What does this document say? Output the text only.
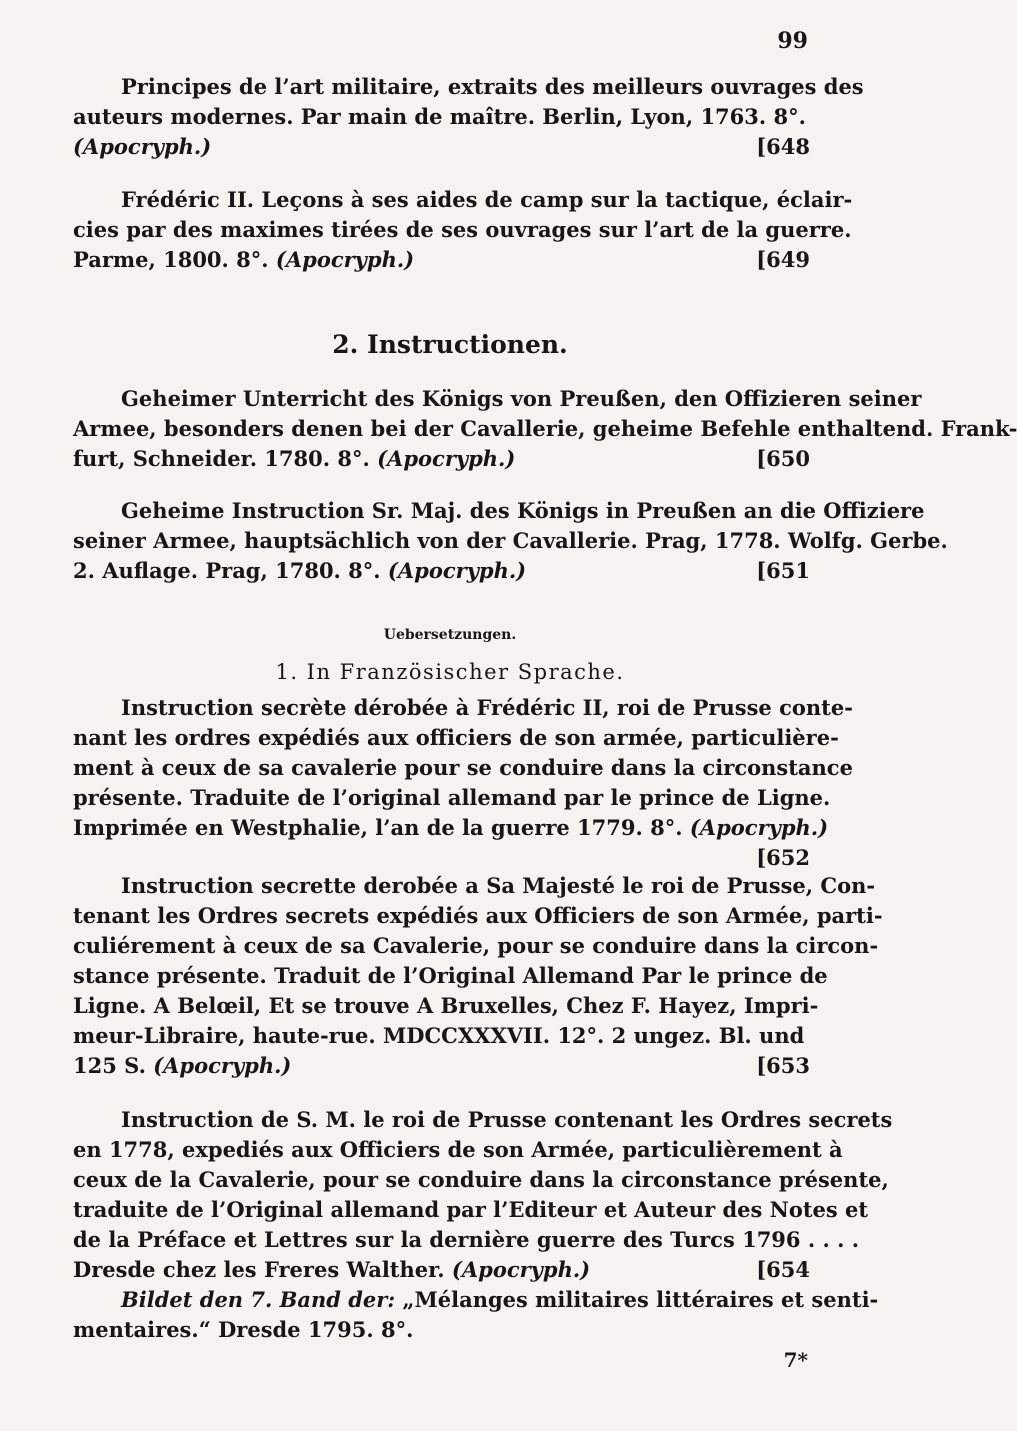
99
Principes de l’art militaire, extraits des meilleurs ouvrages des
auteurs modernes. Par main de maître. Berlin, Lyon, 1763. 8°.
(Apocryph.)	[648
Frédéric II. Leçons à ses aides de camp sur la tactique, éclair-
cies par des maximes tirées de ses ouvrages sur l’art de la guerre.
Parme, 1800. 8°. (Apocryph.)	[649
2. Instructionen.
Geheimer Unterricht des Königs von Preußen, den Offizieren seiner
Armee, besonders denen bei der Cavallerie, geheime Befehle enthaltend. Frank-
furt, Schneider. 1780. 8°. (Apocryph.)	[650
Geheime Instruction Sr. Maj. des Königs in Preußen an die Offiziere
seiner Armee, hauptsächlich von der Cavallerie. Prag, 1778. Wolfg. Gerbe.
2. Auflage. Prag, 1780. 8°. (Apocryph.)	[651
Uebersetzungen.
1. In Französischer Sprache.
Instruction secrète dérobée à Frédéric II, roi de Prusse conte-
nant les ordres expédiés aux officiers de son armée, particulière-
ment à ceux de sa cavalerie pour se conduire dans la circonstance
présente. Traduite de l’original allemand par le prince de Ligne.
Imprimée en Westphalie, l’an de la guerre 1779. 8°. (Apocryph.)
[652
Instruction secrette derobée a Sa Majesté le roi de Prusse, Con-
tenant les Ordres secrets expédiés aux Officiers de son Armée, parti-
culiérement à ceux de sa Cavalerie, pour se conduire dans la circon-
stance présente. Traduit de l’Original Allemand Par le prince de
Ligne. A Belœil, Et se trouve A Bruxelles, Chez F. Hayez, Impri-
meur-Libraire, haute-rue. MDCCXXXVII. 12°. 2 ungez. Bl. und
125 S. (Apocryph.)	[653
Instruction de S. M. le roi de Prusse contenant les Ordres secrets
en 1778, expediés aux Officiers de son Armée, particulièrement à
ceux de la Cavalerie, pour se conduire dans la circonstance présente,
traduite de l’Original allemand par l’Editeur et Auteur des Notes et
de la Préface et Lettres sur la dernière guerre des Turcs 1796 . . . .
Dresde chez les Freres Walther. (Apocryph.)	[654
Bildet den 7. Band der: „Mélanges militaires littéraires et senti-
mentaires.“ Dresde 1795. 8°.
7*
